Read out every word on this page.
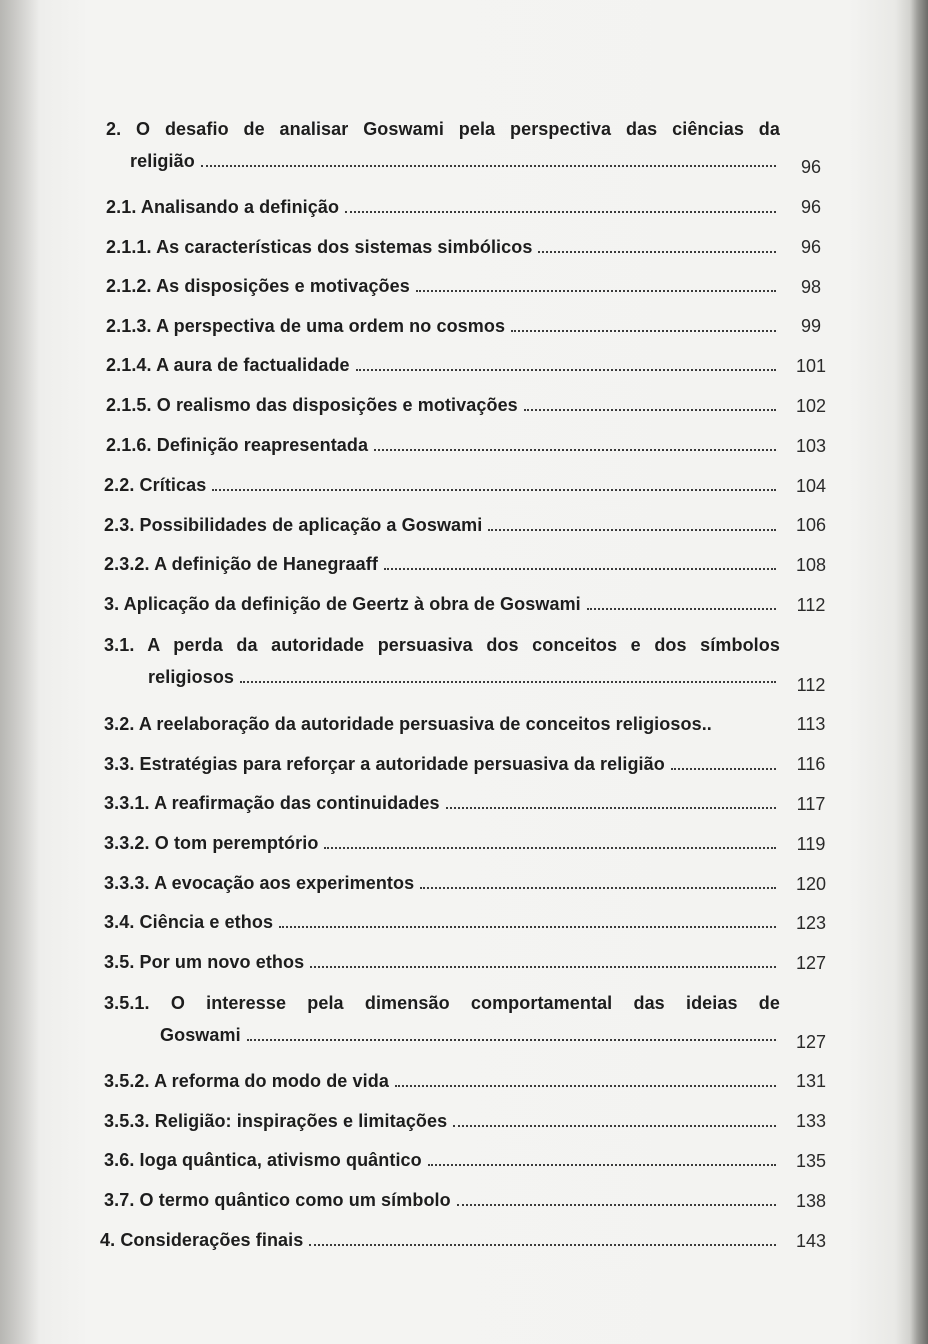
2. O desafio de analisar Goswami pela perspectiva das ciências da
religião	96
2.1. Analisando a definição	96
2.1.1. As características dos sistemas simbólicos	96
2.1.2. As disposições e motivações	98
2.1.3. A perspectiva de uma ordem no cosmos	99
2.1.4. A aura de factualidade	101
2.1.5. O realismo das disposições e motivações	102
2.1.6. Definição reapresentada	103
2.2. Críticas	104
2.3. Possibilidades de aplicação a Goswami	106
2.3.2. A definição de Hanegraaff	108
3. Aplicação da definição de Geertz à obra de Goswami	112
3.1. A perda da autoridade persuasiva dos conceitos e dos símbolos
religiosos	112
3.2. A reelaboração da autoridade persuasiva de conceitos religiosos..	113
3.3. Estratégias para reforçar a autoridade persuasiva da religião	116
3.3.1. A reafirmação das continuidades	117
3.3.2. O tom peremptório	119
3.3.3. A evocação aos experimentos	120
3.4. Ciência e ethos	123
3.5. Por um novo ethos	127
3.5.1. O interesse pela dimensão comportamental das ideias de
Goswami	127
3.5.2. A reforma do modo de vida	131
3.5.3. Religião: inspirações e limitações	133
3.6. Ioga quântica, ativismo quântico	135
3.7. O termo quântico como um símbolo	138
4. Considerações finais	143
